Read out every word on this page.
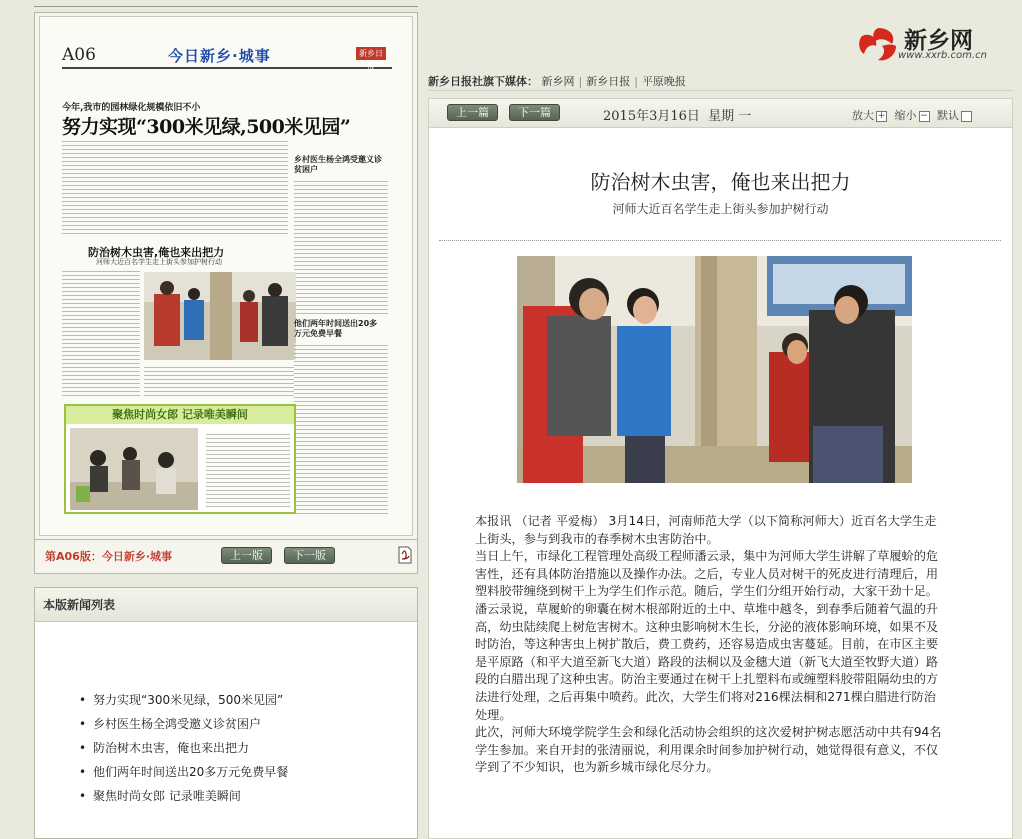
A06	今日新乡·城事	新乡日报
今年,我市的园林绿化规模依旧不小
努力实现“300米见绿,500米见园”
乡村医生杨全鸿受邀义诊贫困户
防治树木虫害,俺也来出把力
河师大近百名学生走上街头参加护树行动
他们两年时间送出20多万元免费早餐
聚焦时尚女郎 记录唯美瞬间
第A06版：今日新乡·城事	上一版	下一版
本版新闻列表
• 努力实现“300米见绿，500米见园”
• 乡村医生杨全鸿受邀义诊贫困户
• 防治树木虫害，俺也来出把力
• 他们两年时间送出20多万元免费早餐
• 聚焦时尚女郎 记录唯美瞬间
新乡网
www.xxrb.com.cn
新乡日报社旗下媒体： 新乡网 | 新乡日报 | 平原晚报
上一篇	下一篇	2015年3月16日 星期 一	放大 + 缩小 − 默认
防治树木虫害，俺也来出把力
河师大近百名学生走上街头参加护树行动

本报讯 （记者 平爱梅） 3月14日，河南师范大学（以下简称河师大）近百名大学生走上街头，参与到我市的春季树木虫害防治中。

当日上午，市绿化工程管理处高级工程师潘云录，集中为河师大学生讲解了草履蚧的危害性，还有具体防治措施以及操作办法。之后，专业人员对树干的死皮进行清理后，用塑料胶带缠绕到树干上为学生们作示范。随后，学生们分组开始行动，大家干劲十足。

潘云录说，草履蚧的卵囊在树木根部附近的土中、草堆中越冬，到春季后随着气温的升高，幼虫陆续爬上树危害树木。这种虫影响树木生长，分泌的液体影响环境，如果不及时防治，等这种害虫上树扩散后，费工费药，还容易造成虫害蔓延。目前，在市区主要是平原路（和平大道至新飞大道）路段的法桐以及金穗大道（新飞大道至牧野大道）路段的白腊出现了这种虫害。防治主要通过在树干上扎塑料布或缠塑料胶带阻隔幼虫的方法进行处理，之后再集中喷药。此次，大学生们将对216棵法桐和271棵白腊进行防治处理。

此次，河师大环境学院学生会和绿化活动协会组织的这次爱树护树志愿活动中共有94名学生参加。来自开封的张清丽说，利用课余时间参加护树行动，她觉得很有意义，不仅学到了不少知识，也为新乡城市绿化尽分力。
